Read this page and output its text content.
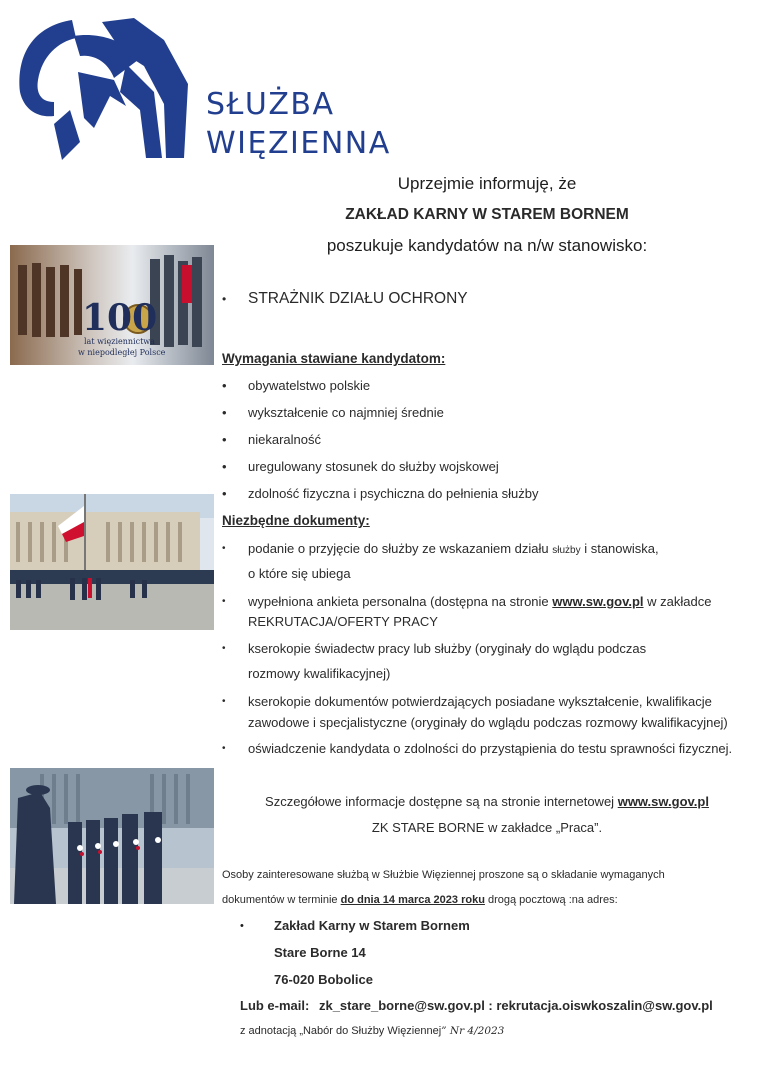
SŁUŻBA
WIĘZIENNA
Uprzejmie informuję, że
ZAKŁAD KARNY W STAREM BORNEM
poszukuje kandydatów na n/w stanowisko:
100
lat więziennictwa
w niepodległej Polsce
• STRAŻNIK DZIAŁU OCHRONY
Wymagania stawiane kandydatom:
• obywatelstwo polskie
• wykształcenie co najmniej średnie
• niekaralność
• uregulowany stosunek do służby wojskowej
• zdolność fizyczna i psychiczna do pełnienia służby
Niezbędne dokumenty:
• podanie o przyjęcie do służby ze wskazaniem działu służby i stanowiska,
o które się ubiega
• wypełniona ankieta personalna (dostępna na stronie www.sw.gov.pl w zakładce
REKRUTACJA/OFERTY PRACY
• kserokopie świadectw pracy lub służby (oryginały do wglądu podczas
rozmowy kwalifikacyjnej)
• kserokopie dokumentów potwierdzających posiadane wykształcenie, kwalifikacje
zawodowe i specjalistyczne (oryginały do wglądu podczas rozmowy kwalifikacyjnej)
• oświadczenie kandydata o zdolności do przystąpienia do testu sprawności fizycznej.
Szczegółowe informacje dostępne są na stronie internetowej www.sw.gov.pl
ZK STARE BORNE w zakładce „Praca”.
Osoby zainteresowane służbą w Służbie Więziennej proszone są o składanie wymaganych
dokumentów w terminie do dnia 14 marca 2023 roku drogą pocztową :na adres:
• Zakład Karny w Starem Bornem
Stare Borne 14
76-020 Bobolice
Lub e-mail: zk_stare_borne@sw.gov.pl : rekrutacja.oiswkoszalin@sw.gov.pl
z adnotacją „Nabór do Służby Więziennej” Nr 4/2023
